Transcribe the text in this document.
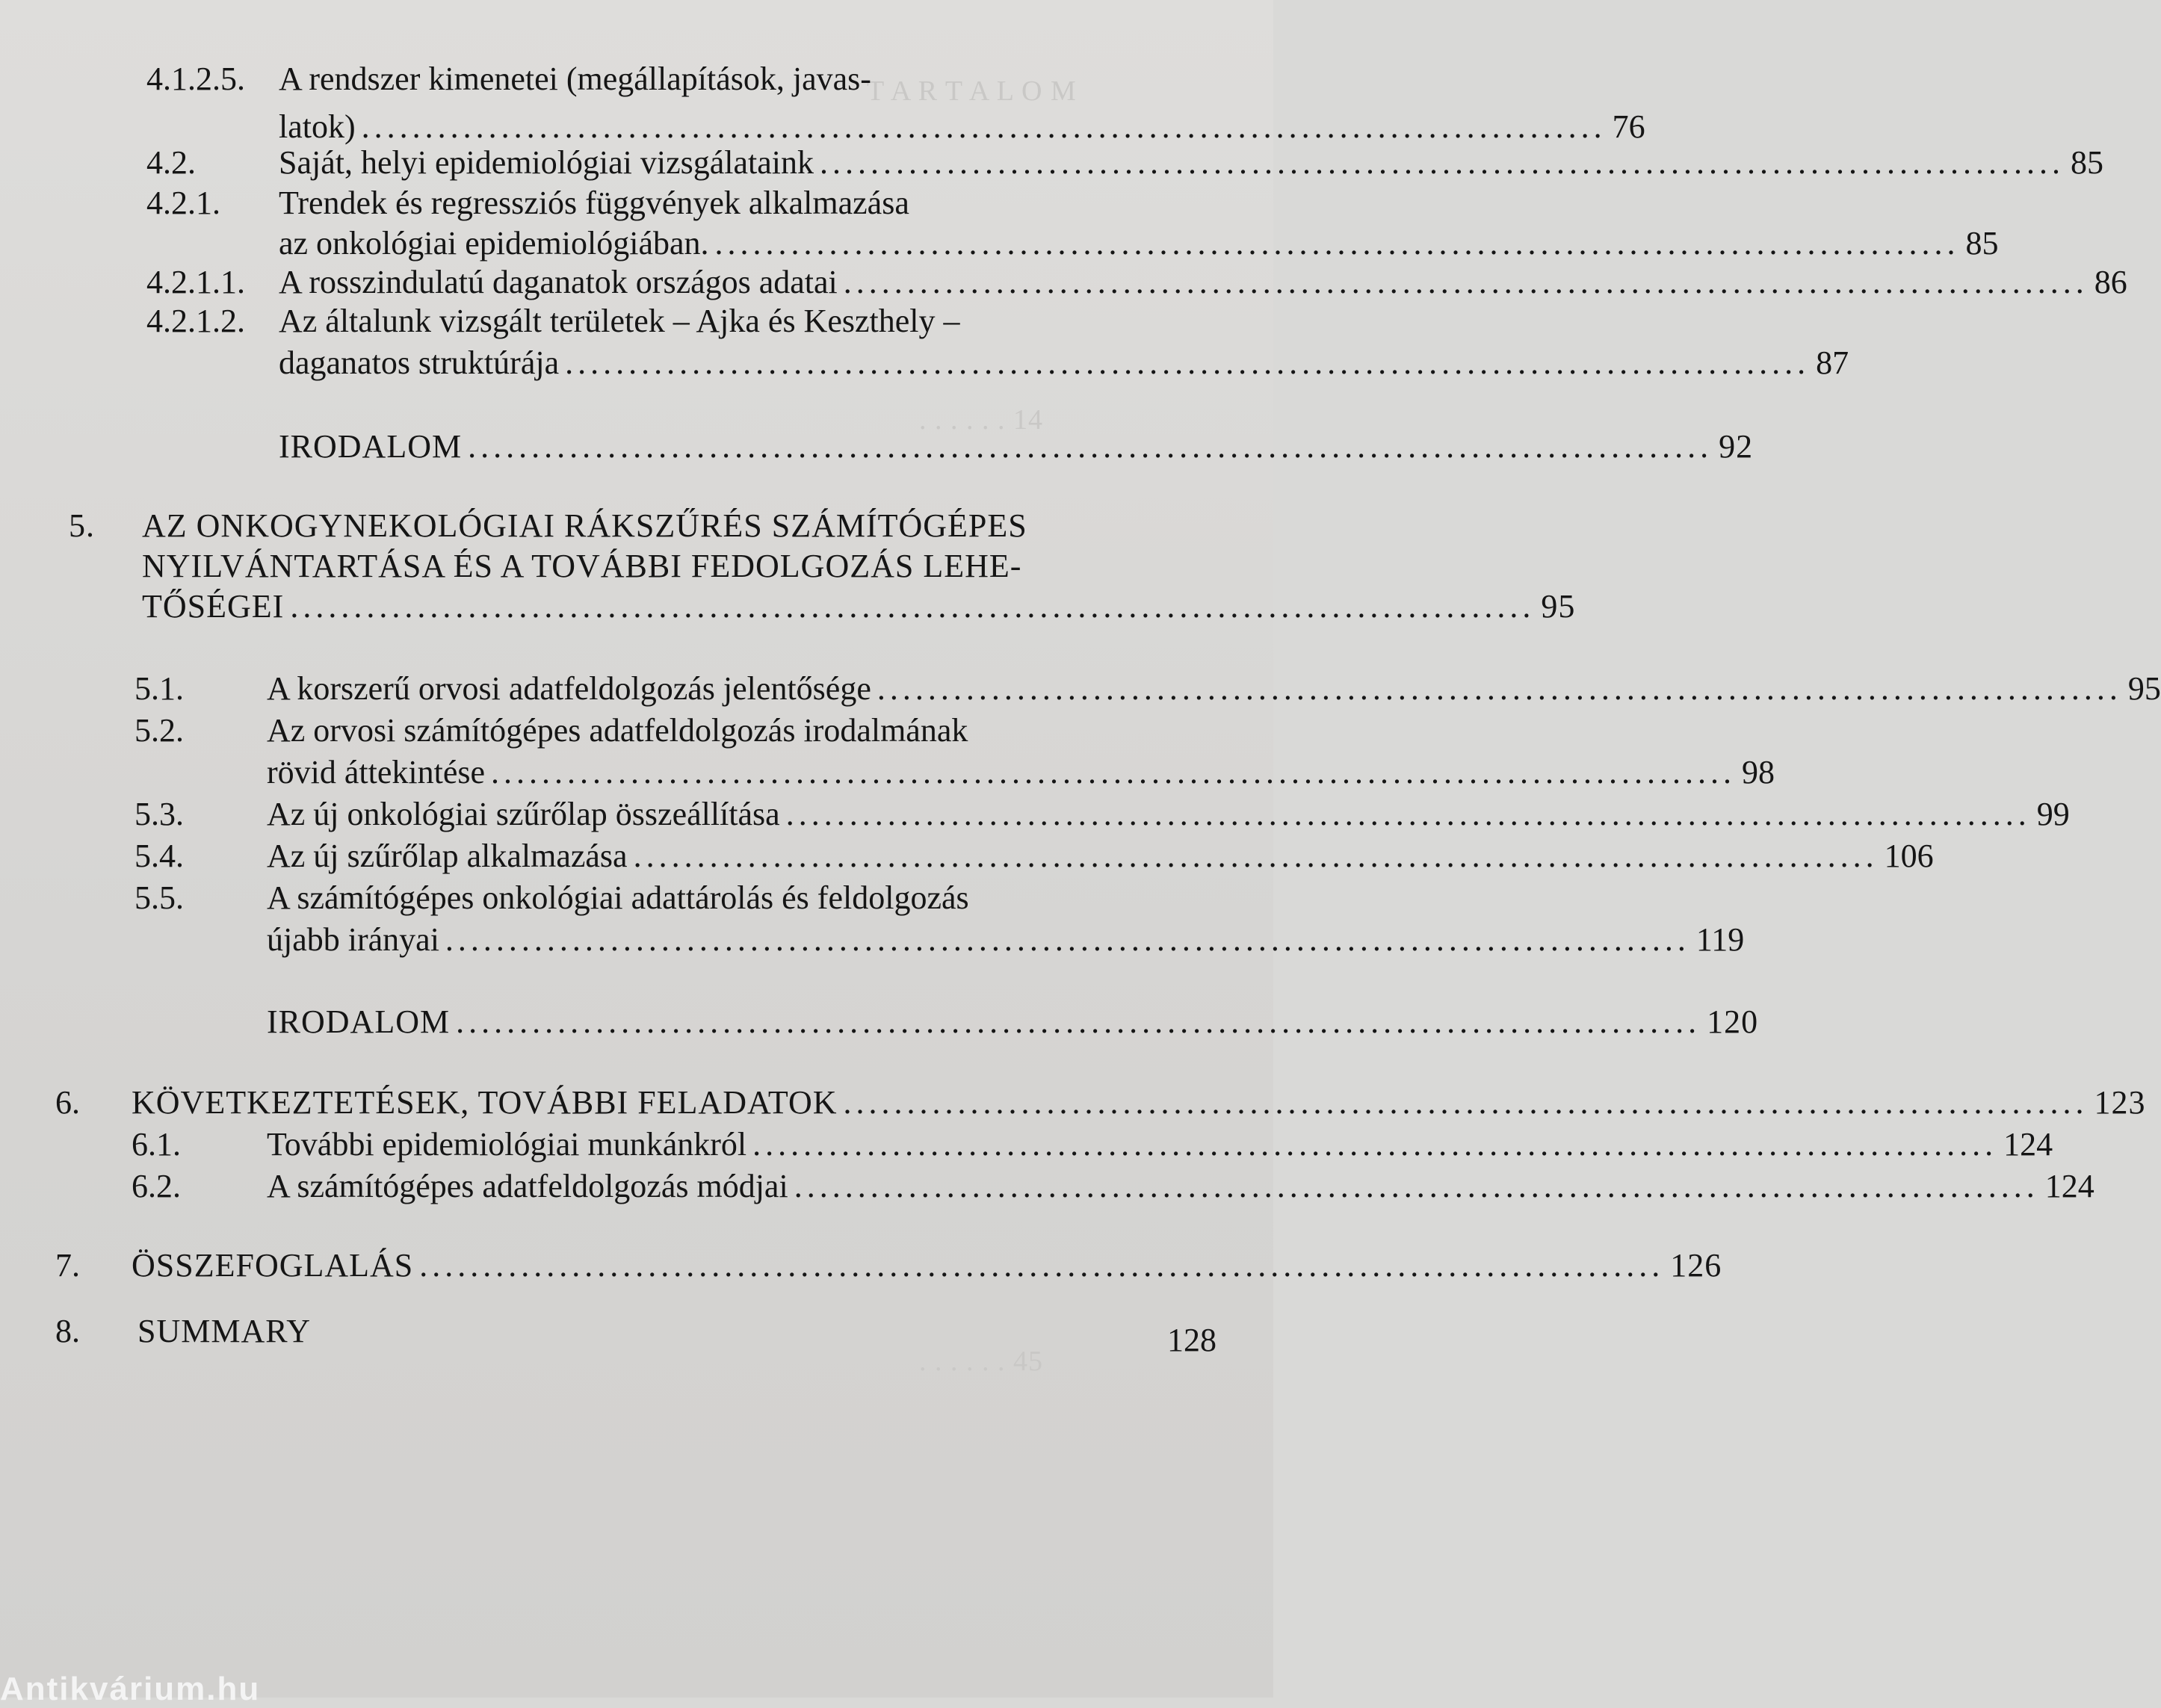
T A R T A L O M
. . . . . . 14
. . . . . . 45
4.1.2.5. A rendszer kimenetei (megállapítások, javas-
latok) .................................................................................................. 76
4.2.	Saját, helyi epidemiológiai vizsgálataink .................................................................................................. 85
4.2.1. Trendek és regressziós függvények alkalmazása
az onkológiai epidemiológiában. .................................................................................................. 85
4.2.1.1. A rosszindulatú daganatok országos adatai .................................................................................................. 86
4.2.1.2. Az általunk vizsgált területek – Ajka és Keszthely –
daganatos struktúrája .................................................................................................. 87
IRODALOM .................................................................................................. 92
5. AZ ONKOGYNEKOLÓGIAI RÁKSZŰRÉS SZÁMÍTÓGÉPES
NYILVÁNTARTÁSA ÉS A TOVÁBBI FEDOLGOZÁS LEHE-
TŐSÉGEI .................................................................................................. 95
5.1.	A korszerű orvosi adatfeldolgozás jelentősége .................................................................................................. 95
5.2.	Az orvosi számítógépes adatfeldolgozás irodalmának
rövid áttekintése .................................................................................................. 98
5.3.	Az új onkológiai szűrőlap összeállítása .................................................................................................. 99
5.4.	Az új szűrőlap alkalmazása .................................................................................................. 106
5.5.	A számítógépes onkológiai adattárolás és feldolgozás
újabb irányai .................................................................................................. 119
IRODALOM .................................................................................................. 120
6. KÖVETKEZTETÉSEK, TOVÁBBI FELADATOK .................................................................................................. 123
6.1.	További epidemiológiai munkánkról .................................................................................................. 124
6.2.	A számítógépes adatfeldolgozás módjai .................................................................................................. 124
7. ÖSSZEFOGLALÁS .................................................................................................. 126
8. SUMMARY	128
Antikvárium.hu
